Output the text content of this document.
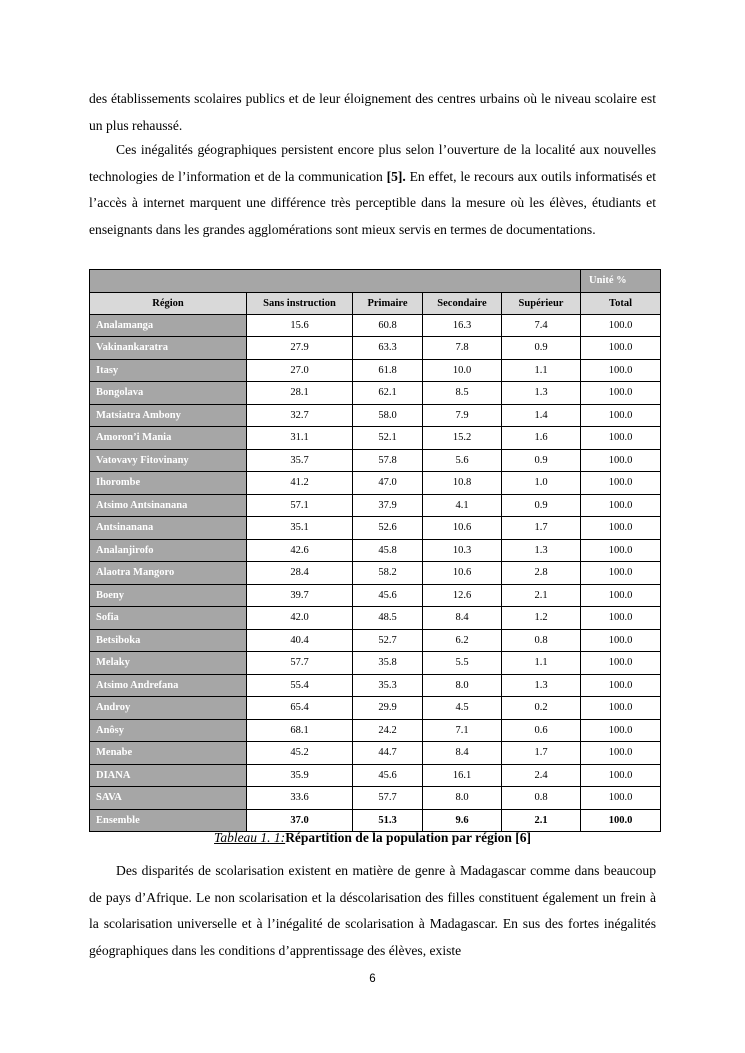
des établissements scolaires publics et de leur éloignement des centres urbains où le niveau scolaire est un plus rehaussé.

Ces inégalités géographiques persistent encore plus selon l’ouverture de la localité aux nouvelles technologies de l’information et de la communication [5]. En effet, le recours aux outils informatisés et l’accès à internet marquent une différence très perceptible dans la mesure où les élèves, étudiants et enseignants dans les grandes agglomérations sont mieux servis en termes de documentations.

					Unité %
Région	Sans instruction	Primaire	Secondaire	Supérieur	Total
Analamanga	15.6	60.8	16.3	7.4	100.0
Vakinankaratra	27.9	63.3	7.8	0.9	100.0
Itasy	27.0	61.8	10.0	1.1	100.0
Bongolava	28.1	62.1	8.5	1.3	100.0
Matsiatra Ambony	32.7	58.0	7.9	1.4	100.0
Amoron’i Mania	31.1	52.1	15.2	1.6	100.0
Vatovavy Fitovinany	35.7	57.8	5.6	0.9	100.0
Ihorombe	41.2	47.0	10.8	1.0	100.0
Atsimo Antsinanana	57.1	37.9	4.1	0.9	100.0
Antsinanana	35.1	52.6	10.6	1.7	100.0
Analanjirofo	42.6	45.8	10.3	1.3	100.0
Alaotra Mangoro	28.4	58.2	10.6	2.8	100.0
Boeny	39.7	45.6	12.6	2.1	100.0
Sofia	42.0	48.5	8.4	1.2	100.0
Betsiboka	40.4	52.7	6.2	0.8	100.0
Melaky	57.7	35.8	5.5	1.1	100.0
Atsimo Andrefana	55.4	35.3	8.0	1.3	100.0
Androy	65.4	29.9	4.5	0.2	100.0
Anôsy	68.1	24.2	7.1	0.6	100.0
Menabe	45.2	44.7	8.4	1.7	100.0
DIANA	35.9	45.6	16.1	2.4	100.0
SAVA	33.6	57.7	8.0	0.8	100.0
Ensemble	37.0	51.3	9.6	2.1	100.0
Tableau 1. 1:Répartition de la population par région [6]

Des disparités de scolarisation existent en matière de genre à Madagascar comme dans beaucoup de pays d’Afrique. Le non scolarisation et la déscolarisation des filles constituent également un frein à la scolarisation universelle et à l’inégalité de scolarisation à Madagascar. En sus des fortes inégalités géographiques dans les conditions d’apprentissage des élèves, existe

6
